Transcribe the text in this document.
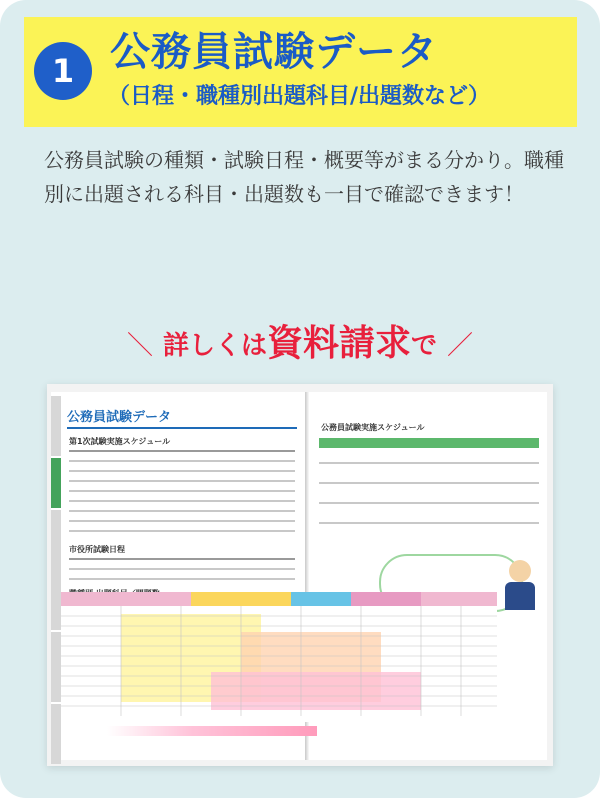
1 公務員試験データ
（日程・職種別出題科目/出題数など）
公務員試験の種類・試験日程・概要等がまる分かり。職種別に出題される科目・出題数も一目で確認できます！
＼ 詳しくは 資料請求 で ／
公務員試験データ
第1次試験実施スケジュール
市役所試験日程
公務員試験実施スケジュール
